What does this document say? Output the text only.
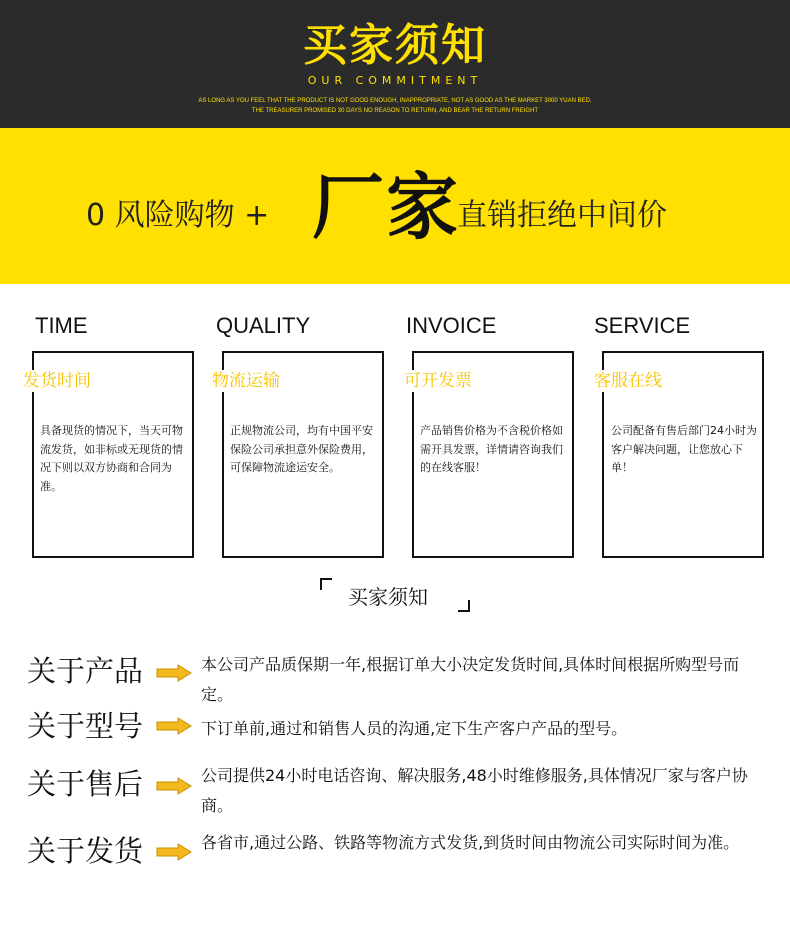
买家须知
OUR COMMITMENT
AS LONG AS YOU FEEL THAT THE PRODUCT IS NOT GOOD ENOUGH, INAPPROPRIATE, NOT AS GOOD AS THE MARKET 3000 YUAN BED,
THE TREASURER PROMISED 30 DAYS NO REASON TO RETURN, AND BEAR THE RETURN FREIGHT
0 风险购物 + 厂家
直销拒绝中间价
TIME
发货时间
具备现货的情况下，当天可物流发货，如非标或无现货的情况下则以双方协商和合同为准。
QUALITY
物流运输
正规物流公司，均有中国平安保险公司承担意外保险费用，可保障物流途运安全。
INVOICE
可开发票
产品销售价格为不含税价格如需开具发票，详情请咨询我们的在线客服！
SERVICE
客服在线
公司配备有售后部门24小时为客户解决问题，让您放心下单！
买家须知
关于产品	本公司产品质保期一年,根据订单大小决定发货时间,具体时间根据所购型号而定。
关于型号	下订单前,通过和销售人员的沟通,定下生产客户产品的型号。
关于售后	公司提供24小时电话咨询、解决服务,48小时维修服务,具体情况厂家与客户协商。
关于发货	各省市,通过公路、铁路等物流方式发货,到货时间由物流公司实际时间为准。
